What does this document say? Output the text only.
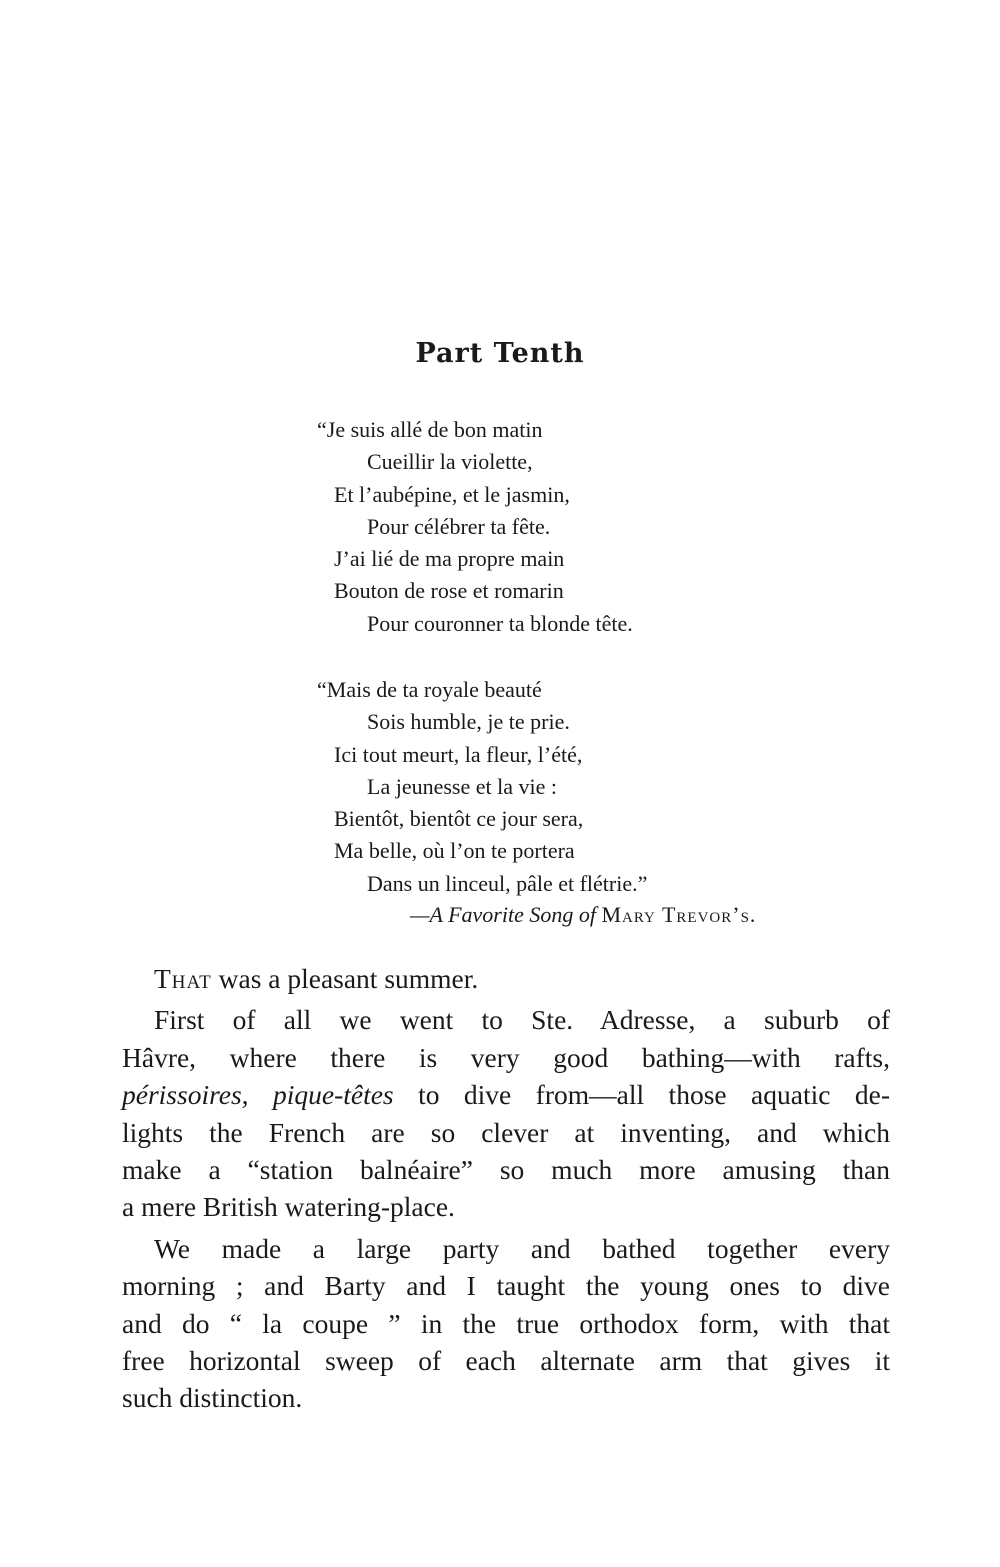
Part Tenth
“Je suis allé de bon matin
Cueillir la violette,
Et l’aubépine, et le jasmin,
Pour célébrer ta fête.
J’ai lié de ma propre main
Bouton de rose et romarin
Pour couronner ta blonde tête.
“Mais de ta royale beauté
Sois humble, je te prie.
Ici tout meurt, la fleur, l’été,
La jeunesse et la vie :
Bientôt, bientôt ce jour sera,
Ma belle, où l’on te portera
Dans un linceul, pâle et flétrie.”
—A Favorite Song of Mary Trevor’s.
That was a pleasant summer.
First of all we went to Ste. Adresse, a suburb of
Hâvre, where there is very good bathing—with rafts,
périssoires, pique-têtes to dive from—all those aquatic de-
lights the French are so clever at inventing, and which
make a “station balnéaire” so much more amusing than
a mere British watering-place.
We made a large party and bathed together every
morning ; and Barty and I taught the young ones to dive
and do “ la coupe ” in the true orthodox form, with that
free horizontal sweep of each alternate arm that gives it
such distinction.
